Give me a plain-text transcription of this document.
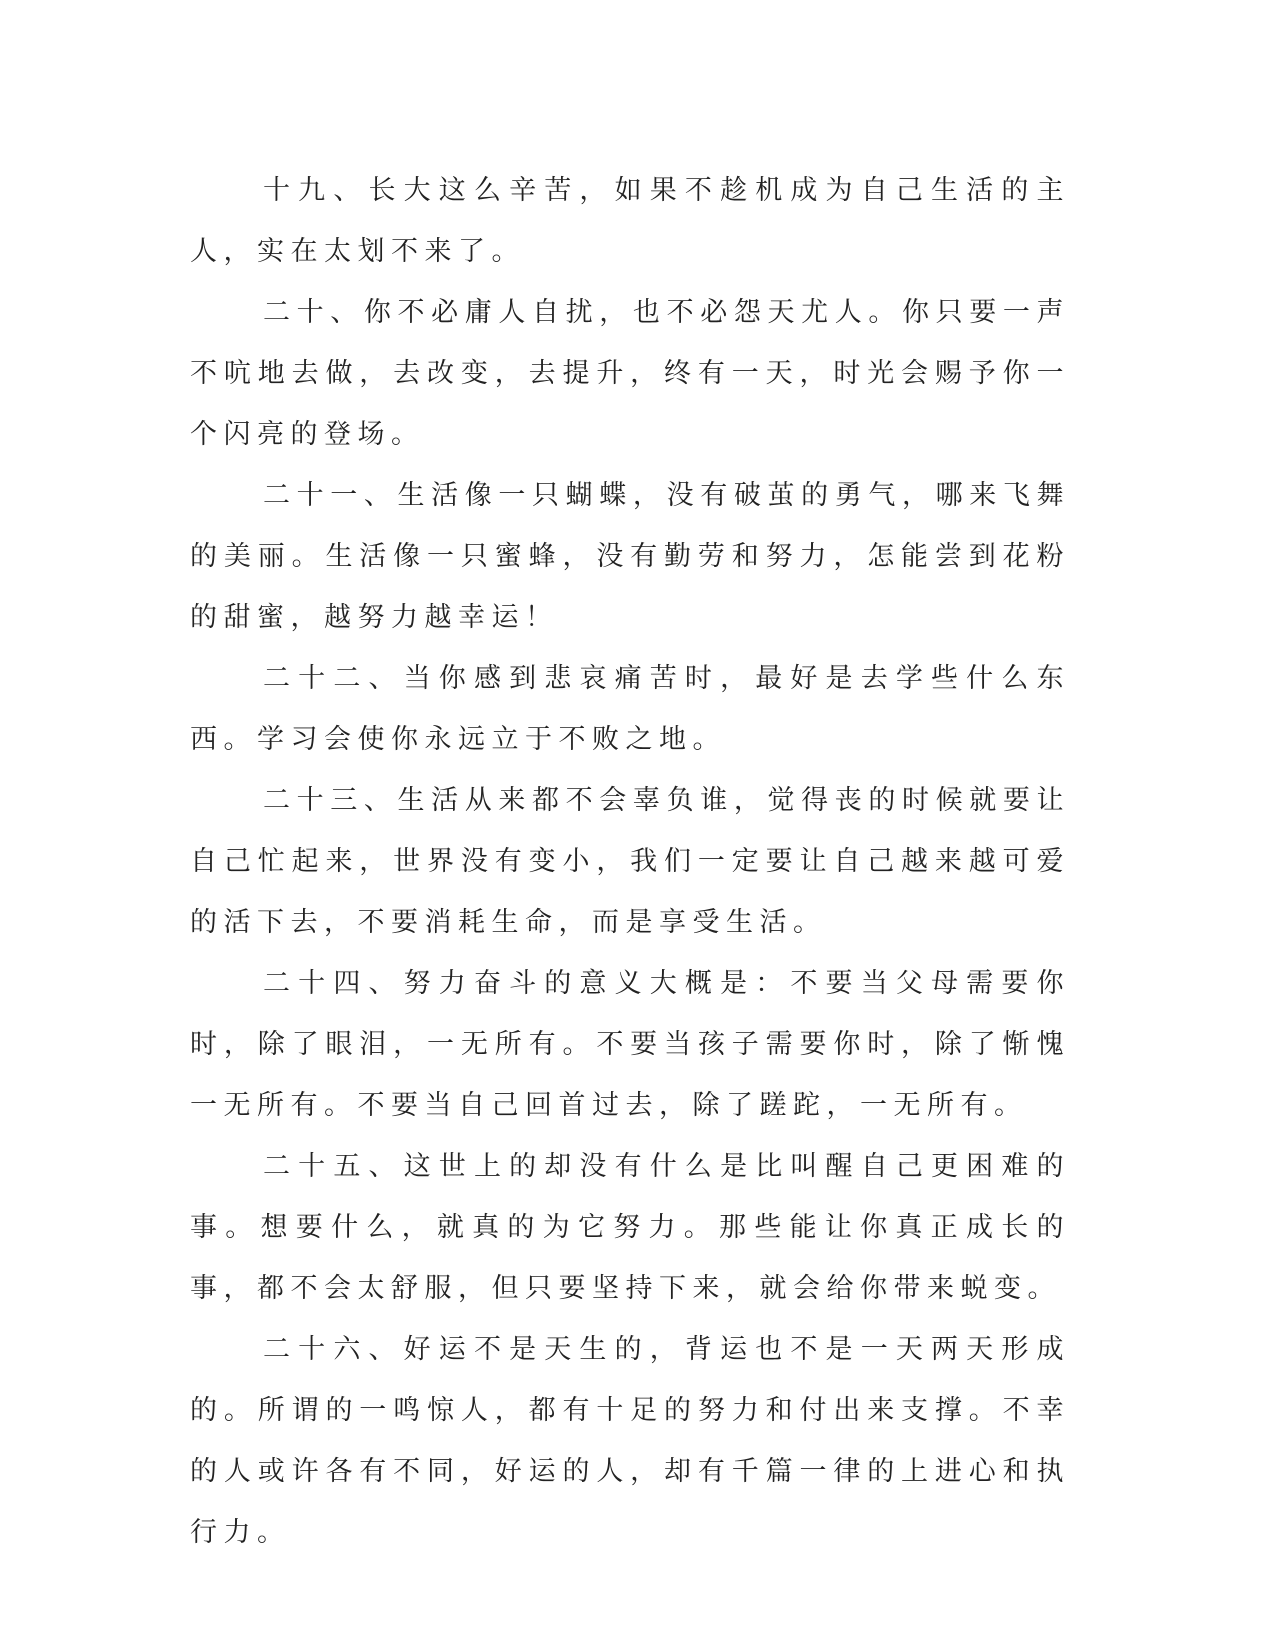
十九、长大这么辛苦，如果不趁机成为自己生活的主人，实在太划不来了。

二十、你不必庸人自扰，也不必怨天尤人。你只要一声不吭地去做，去改变，去提升，终有一天，时光会赐予你一个闪亮的登场。

二十一、生活像一只蝴蝶，没有破茧的勇气，哪来飞舞的美丽。生活像一只蜜蜂，没有勤劳和努力，怎能尝到花粉的甜蜜，越努力越幸运！

二十二、当你感到悲哀痛苦时，最好是去学些什么东西。学习会使你永远立于不败之地。

二十三、生活从来都不会辜负谁，觉得丧的时候就要让自己忙起来，世界没有变小，我们一定要让自己越来越可爱的活下去，不要消耗生命，而是享受生活。

二十四、努力奋斗的意义大概是：不要当父母需要你时，除了眼泪，一无所有。不要当孩子需要你时，除了惭愧一无所有。不要当自己回首过去，除了蹉跎，一无所有。

二十五、这世上的却没有什么是比叫醒自己更困难的事。想要什么，就真的为它努力。那些能让你真正成长的事，都不会太舒服，但只要坚持下来，就会给你带来蜕变。

二十六、好运不是天生的，背运也不是一天两天形成的。所谓的一鸣惊人，都有十足的努力和付出来支撑。不幸的人或许各有不同，好运的人，却有千篇一律的上进心和执行力。
